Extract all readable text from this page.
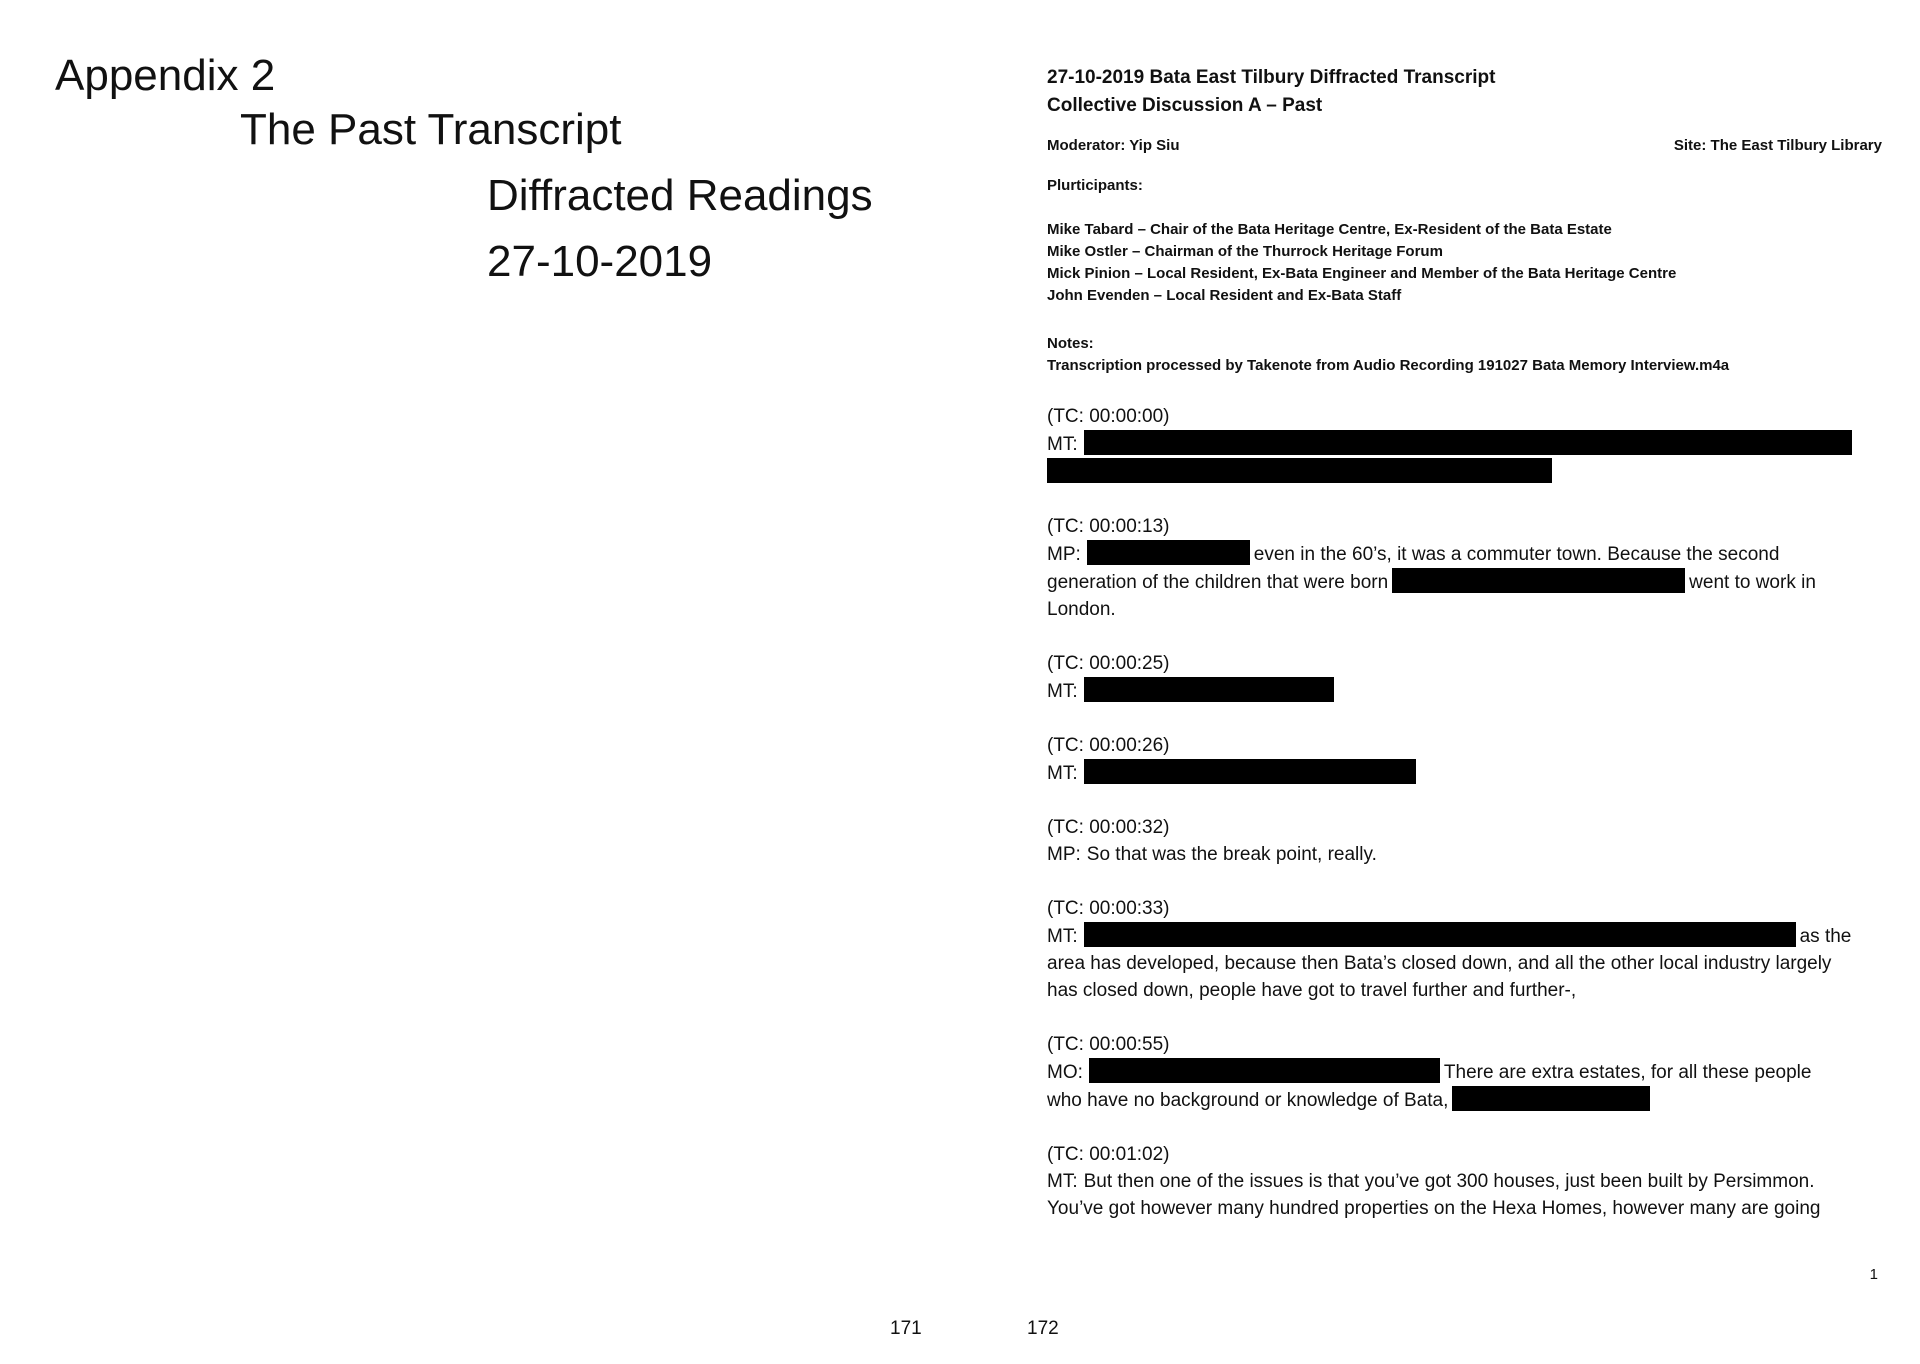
Appendix 2
The Past Transcript
Diffracted Readings
27-10-2019
171	172
27-10-2019 Bata East Tilbury Diffracted Transcript
Collective Discussion A – Past
Moderator: Yip Siu	Site: The East Tilbury Library
Plurticipants:
Mike Tabard – Chair of the Bata Heritage Centre, Ex-Resident of the Bata Estate
Mike Ostler – Chairman of the Thurrock Heritage Forum
Mick Pinion – Local Resident, Ex-Bata Engineer and Member of the Bata Heritage Centre
John Evenden – Local Resident and Ex-Bata Staff
Notes:
Transcription processed by Takenote from Audio Recording 191027 Bata Memory Interview.m4a
(TC: 00:00:00)
MT:
(TC: 00:00:13)
MP:	even in the 60’s, it was a commuter town. Because the second
generation of the children that were born	went to work in
London.
(TC: 00:00:25)
MT:
(TC: 00:00:26)
MT:
(TC: 00:00:32)
MP: So that was the break point, really.
(TC: 00:00:33)
MT:	as the
area has developed, because then Bata’s closed down, and all the other local industry largely
has closed down, people have got to travel further and further-,
(TC: 00:00:55)
MO:	There are extra estates, for all these people
who have no background or knowledge of Bata,
(TC: 00:01:02)
MT: But then one of the issues is that you’ve got 300 houses, just been built by Persimmon.
You’ve got however many hundred properties on the Hexa Homes, however many are going
1
